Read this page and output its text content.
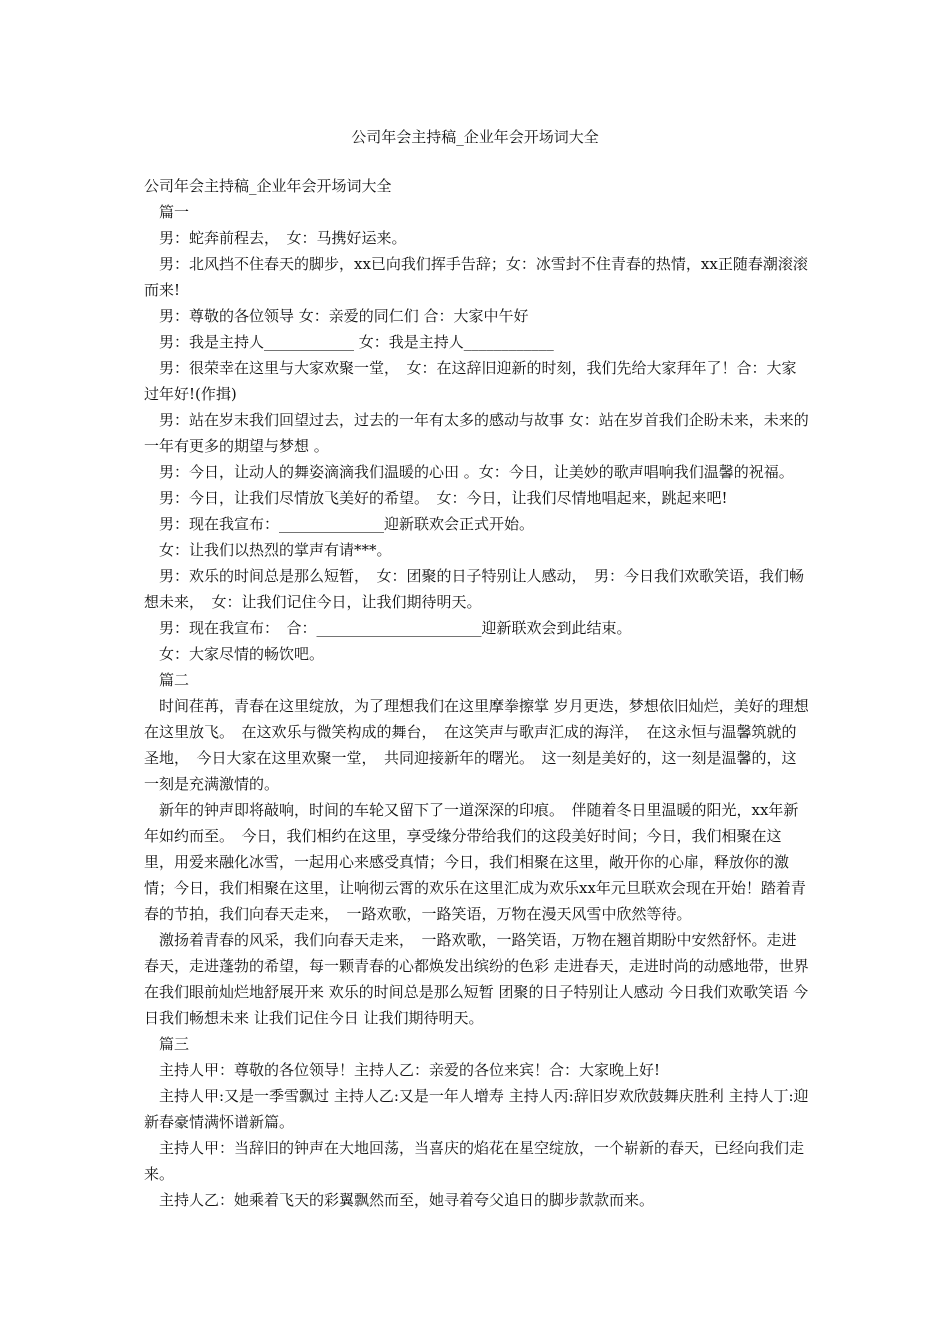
公司年会主持稿_企业年会开场词大全

公司年会主持稿_企业年会开场词大全

篇一

男：蛇奔前程去，　女：马携好运来。

男：北风挡不住春天的脚步，xx已向我们挥手告辞；女：冰雪封不住青春的热情，xx正随春潮滚滚而来!

男：尊敬的各位领导 女：亲爱的同仁们 合：大家中午好

男：我是主持人____________ 女：我是主持人____________

男：很荣幸在这里与大家欢聚一堂，　女：在这辞旧迎新的时刻，我们先给大家拜年了！合：大家过年好!(作揖)

男：站在岁末我们回望过去，过去的一年有太多的感动与故事 女：站在岁首我们企盼未来，未来的一年有更多的期望与梦想 。

男：今日，让动人的舞姿滴滴我们温暖的心田 。女：今日，让美妙的歌声唱响我们温馨的祝福。

男：今日，让我们尽情放飞美好的希望。　女：今日，让我们尽情地唱起来，跳起来吧!

男：现在我宣布：______________迎新联欢会正式开始。

女：让我们以热烈的掌声有请***。

男：欢乐的时间总是那么短暂，　女：团聚的日子特别让人感动，　男：今日我们欢歌笑语，我们畅想未来，　女：让我们记住今日，让我们期待明天。

男：现在我宣布：　合：______________________迎新联欢会到此结束。

女：大家尽情的畅饮吧。

篇二

时间荏苒，青春在这里绽放，为了理想我们在这里摩拳擦掌 岁月更迭，梦想依旧灿烂，美好的理想在这里放飞。　在这欢乐与微笑构成的舞台，　在这笑声与歌声汇成的海洋，　在这永恒与温馨筑就的圣地，　今日大家在这里欢聚一堂，　共同迎接新年的曙光。　这一刻是美好的，这一刻是温馨的，这一刻是充满激情的。

新年的钟声即将敲响，时间的车轮又留下了一道深深的印痕。　伴随着冬日里温暖的阳光，xx年新年如约而至。　今日，我们相约在这里，享受缘分带给我们的这段美好时间；今日，我们相聚在这里，用爱来融化冰雪，一起用心来感受真情；今日，我们相聚在这里，敞开你的心扉，释放你的激情；今日，我们相聚在这里，让响彻云霄的欢乐在这里汇成为欢乐xx年元旦联欢会现在开始！踏着青春的节拍，我们向春天走来，　一路欢歌，一路笑语，万物在漫天风雪中欣然等待。

激扬着青春的风采，我们向春天走来，　一路欢歌，一路笑语，万物在翘首期盼中安然舒怀。走进春天，走进蓬勃的希望，每一颗青春的心都焕发出缤纷的色彩 走进春天，走进时尚的动感地带，世界在我们眼前灿烂地舒展开来 欢乐的时间总是那么短暂 团聚的日子特别让人感动 今日我们欢歌笑语 今日我们畅想未来 让我们记住今日 让我们期待明天。

篇三

主持人甲：尊敬的各位领导！主持人乙：亲爱的各位来宾！合：大家晚上好!

主持人甲:又是一季雪飘过 主持人乙:又是一年人增寿 主持人丙:辞旧岁欢欣鼓舞庆胜利 主持人丁:迎新春豪情满怀谱新篇。

主持人甲：当辞旧的钟声在大地回荡，当喜庆的焰花在星空绽放，一个崭新的春天，已经向我们走来。

主持人乙：她乘着飞天的彩翼飘然而至，她寻着夸父追日的脚步款款而来。
